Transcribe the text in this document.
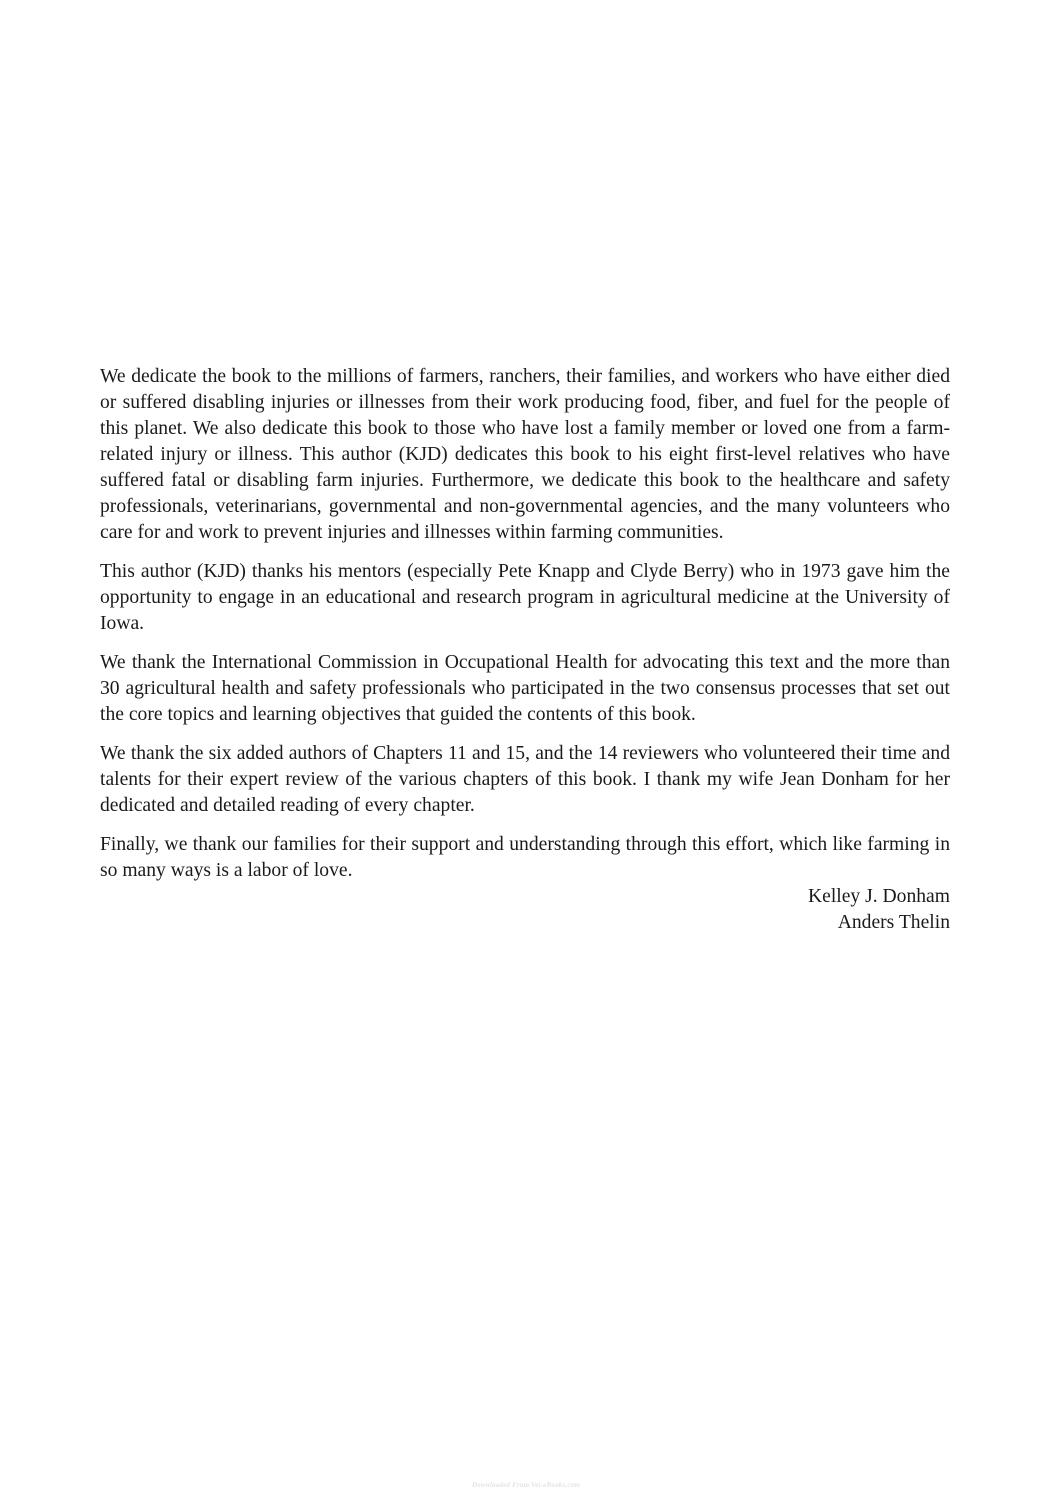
We dedicate the book to the millions of farmers, ranchers, their families, and workers who have either died or suffered disabling injuries or illnesses from their work producing food, fiber, and fuel for the people of this planet. We also dedicate this book to those who have lost a family member or loved one from a farm-related injury or illness. This author (KJD) dedicates this book to his eight first-level relatives who have suffered fatal or disabling farm injuries. Furthermore, we dedicate this book to the healthcare and safety professionals, veterinarians, governmental and non-governmental agencies, and the many volunteers who care for and work to prevent injuries and illnesses within farming communities.

This author (KJD) thanks his mentors (especially Pete Knapp and Clyde Berry) who in 1973 gave him the opportunity to engage in an educational and research program in agricultural medicine at the University of Iowa.

We thank the International Commission in Occupational Health for advocating this text and the more than 30 agricultural health and safety professionals who participated in the two consensus processes that set out the core topics and learning objectives that guided the contents of this book.

We thank the six added authors of Chapters 11 and 15, and the 14 reviewers who volunteered their time and talents for their expert review of the various chapters of this book. I thank my wife Jean Donham for her dedicated and detailed reading of every chapter.

Finally, we thank our families for their support and understanding through this effort, which like farming in so many ways is a labor of love.

Kelley J. Donham
Anders Thelin
Downloaded From Vet-eBooks.com
